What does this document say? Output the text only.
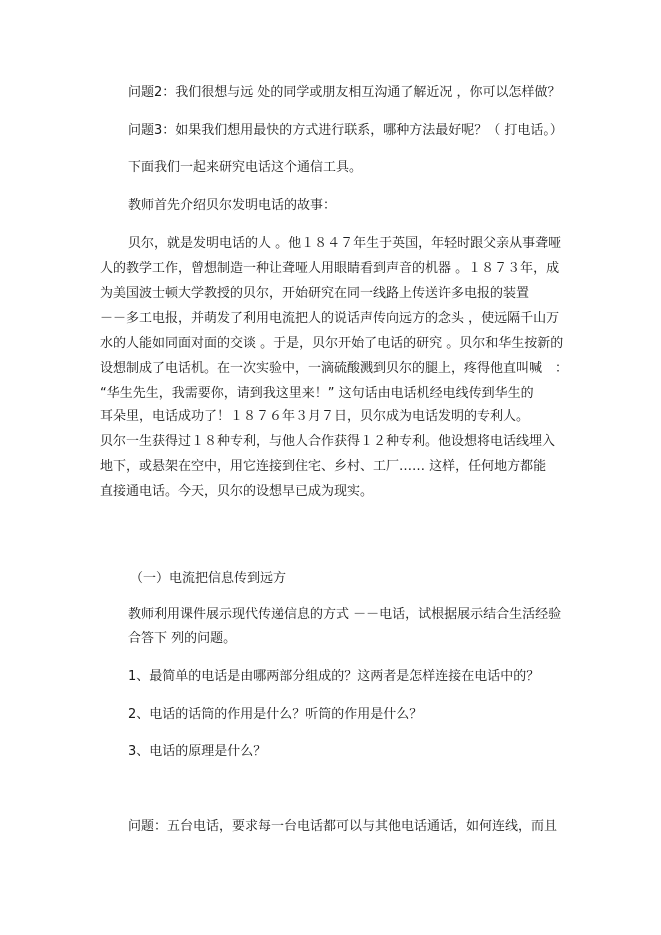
问题2：我们很想与远 处的同学或朋友相互沟通了解近况 ，你可以怎样做？
问题3：如果我们想用最快的方式进行联系，哪种方法最好呢？（ 打电话。）
下面我们一起来研究电话这个通信工具。
教师首先介绍贝尔发明电话的故事：
贝尔，就是发明电话的人 。他１８４７年生于英国，年轻时跟父亲从事聋哑
人的教学工作，曾想制造一种让聋哑人用眼睛看到声音的机器 。１８７３年，成
为美国波士顿大学教授的贝尔，开始研究在同一线路上传送许多电报的装置
－－多工电报，并萌发了利用电流把人的说话声传向远方的念头 ，使远隔千山万
水的人能如同面对面的交谈 。于是，贝尔开始了电话的研究 。贝尔和华生按新的
设想制成了电话机。在一次实验中，一滴硫酸溅到贝尔的腿上，疼得他直叫喊　：
“华生先生，我需要你，请到我这里来！” 这句话由电话机经电线传到华生的
耳朵里，电话成功了！１８７６年３月７日，贝尔成为电话发明的专利人。
贝尔一生获得过１８种专利，与他人合作获得１２种专利。他设想将电话线埋入
地下，或悬架在空中，用它连接到住宅、乡村、工厂…… 这样，任何地方都能
直接通电话。今天，贝尔的设想早已成为现实。
（一）电流把信息传到远方
教师利用课件展示现代传递信息的方式 －－电话，试根据展示结合生活经验
合答下 列的问题。
1、最简单的电话是由哪两部分组成的？这两者是怎样连接在电话中的？
2、电话的话筒的作用是什么？听筒的作用是什么？
3、电话的原理是什么？
问题：五台电话，要求每一台电话都可以与其他电话通话，如何连线，而且
